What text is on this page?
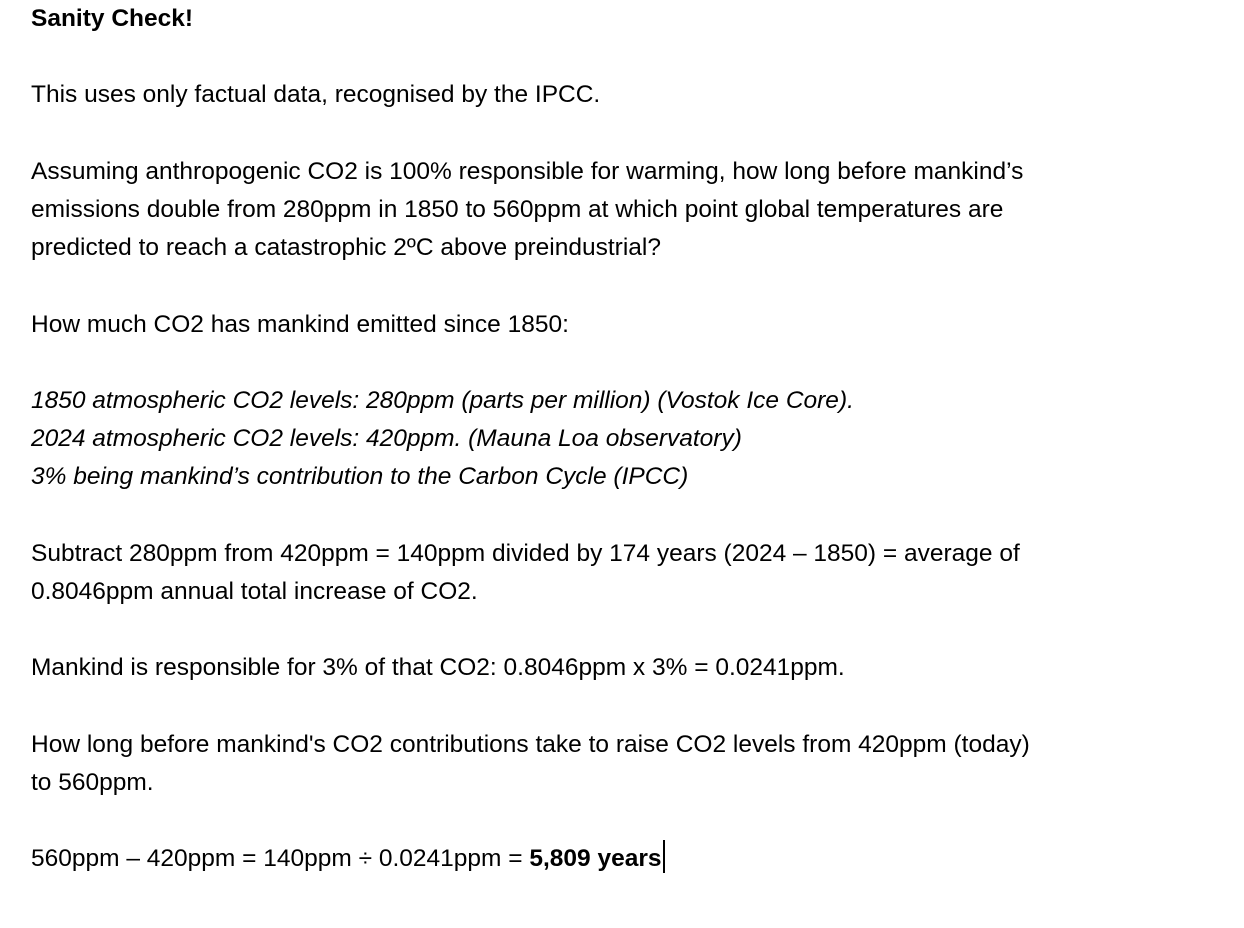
Sanity Check!
This uses only factual data, recognised by the IPCC.
Assuming anthropogenic CO2 is 100% responsible for warming, how long before mankind’s
emissions double from 280ppm in 1850 to 560ppm at which point global temperatures are
predicted to reach a catastrophic 2ºC above preindustrial?
How much CO2 has mankind emitted since 1850:
1850 atmospheric CO2 levels: 280ppm (parts per million) (Vostok Ice Core).
2024 atmospheric CO2 levels: 420ppm. (Mauna Loa observatory)
3% being mankind’s contribution to the Carbon Cycle (IPCC)
Subtract 280ppm from 420ppm = 140ppm divided by 174 years (2024 – 1850) = average of
0.8046ppm annual total increase of CO2.
Mankind is responsible for 3% of that CO2: 0.8046ppm x 3% = 0.0241ppm.
How long before mankind's CO2 contributions take to raise CO2 levels from 420ppm (today)
to 560ppm.
560ppm – 420ppm = 140ppm ÷ 0.0241ppm = 5,809 years
